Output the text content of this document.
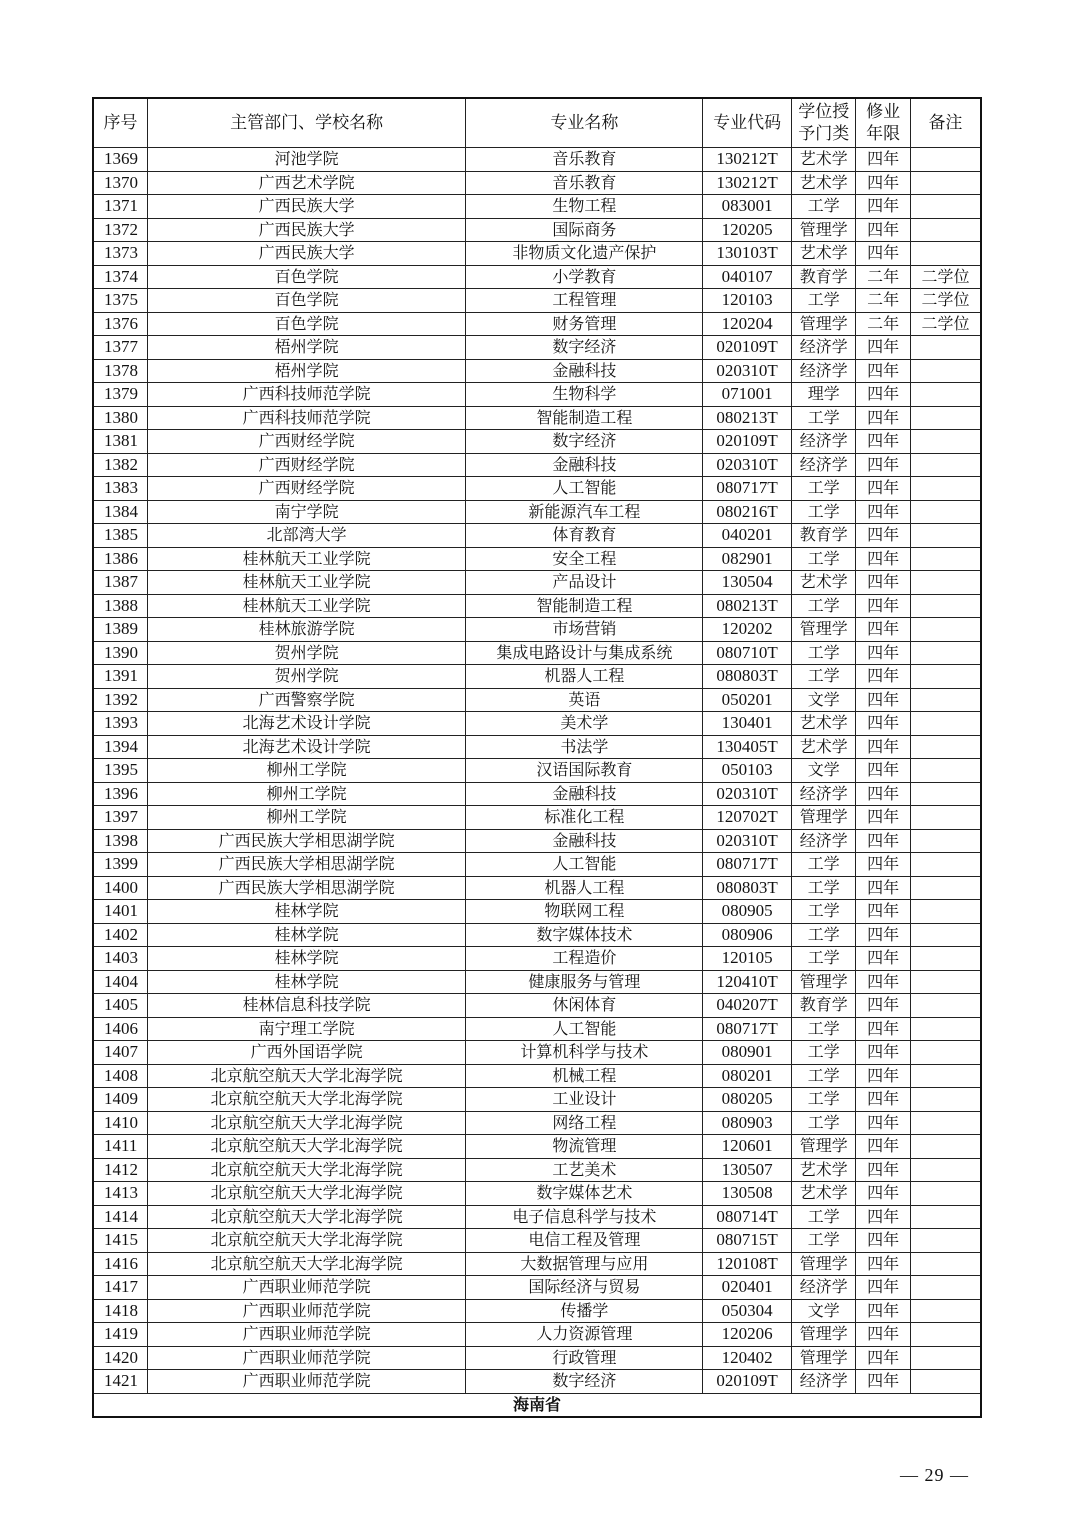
序号	主管部门、学校名称	专业名称	专业代码	学位授予门类	修业年限	备注
1369	河池学院	音乐教育	130212T	艺术学	四年	
1370	广西艺术学院	音乐教育	130212T	艺术学	四年	
1371	广西民族大学	生物工程	083001	工学	四年	
1372	广西民族大学	国际商务	120205	管理学	四年	
1373	广西民族大学	非物质文化遗产保护	130103T	艺术学	四年	
1374	百色学院	小学教育	040107	教育学	二年	二学位
1375	百色学院	工程管理	120103	工学	二年	二学位
1376	百色学院	财务管理	120204	管理学	二年	二学位
1377	梧州学院	数字经济	020109T	经济学	四年	
1378	梧州学院	金融科技	020310T	经济学	四年	
1379	广西科技师范学院	生物科学	071001	理学	四年	
1380	广西科技师范学院	智能制造工程	080213T	工学	四年	
1381	广西财经学院	数字经济	020109T	经济学	四年	
1382	广西财经学院	金融科技	020310T	经济学	四年	
1383	广西财经学院	人工智能	080717T	工学	四年	
1384	南宁学院	新能源汽车工程	080216T	工学	四年	
1385	北部湾大学	体育教育	040201	教育学	四年	
1386	桂林航天工业学院	安全工程	082901	工学	四年	
1387	桂林航天工业学院	产品设计	130504	艺术学	四年	
1388	桂林航天工业学院	智能制造工程	080213T	工学	四年	
1389	桂林旅游学院	市场营销	120202	管理学	四年	
1390	贺州学院	集成电路设计与集成系统	080710T	工学	四年	
1391	贺州学院	机器人工程	080803T	工学	四年	
1392	广西警察学院	英语	050201	文学	四年	
1393	北海艺术设计学院	美术学	130401	艺术学	四年	
1394	北海艺术设计学院	书法学	130405T	艺术学	四年	
1395	柳州工学院	汉语国际教育	050103	文学	四年	
1396	柳州工学院	金融科技	020310T	经济学	四年	
1397	柳州工学院	标准化工程	120702T	管理学	四年	
1398	广西民族大学相思湖学院	金融科技	020310T	经济学	四年	
1399	广西民族大学相思湖学院	人工智能	080717T	工学	四年	
1400	广西民族大学相思湖学院	机器人工程	080803T	工学	四年	
1401	桂林学院	物联网工程	080905	工学	四年	
1402	桂林学院	数字媒体技术	080906	工学	四年	
1403	桂林学院	工程造价	120105	工学	四年	
1404	桂林学院	健康服务与管理	120410T	管理学	四年	
1405	桂林信息科技学院	休闲体育	040207T	教育学	四年	
1406	南宁理工学院	人工智能	080717T	工学	四年	
1407	广西外国语学院	计算机科学与技术	080901	工学	四年	
1408	北京航空航天大学北海学院	机械工程	080201	工学	四年	
1409	北京航空航天大学北海学院	工业设计	080205	工学	四年	
1410	北京航空航天大学北海学院	网络工程	080903	工学	四年	
1411	北京航空航天大学北海学院	物流管理	120601	管理学	四年	
1412	北京航空航天大学北海学院	工艺美术	130507	艺术学	四年	
1413	北京航空航天大学北海学院	数字媒体艺术	130508	艺术学	四年	
1414	北京航空航天大学北海学院	电子信息科学与技术	080714T	工学	四年	
1415	北京航空航天大学北海学院	电信工程及管理	080715T	工学	四年	
1416	北京航空航天大学北海学院	大数据管理与应用	120108T	管理学	四年	
1417	广西职业师范学院	国际经济与贸易	020401	经济学	四年	
1418	广西职业师范学院	传播学	050304	文学	四年	
1419	广西职业师范学院	人力资源管理	120206	管理学	四年	
1420	广西职业师范学院	行政管理	120402	管理学	四年	
1421	广西职业师范学院	数字经济	020109T	经济学	四年	
海南省						
— 29 —
